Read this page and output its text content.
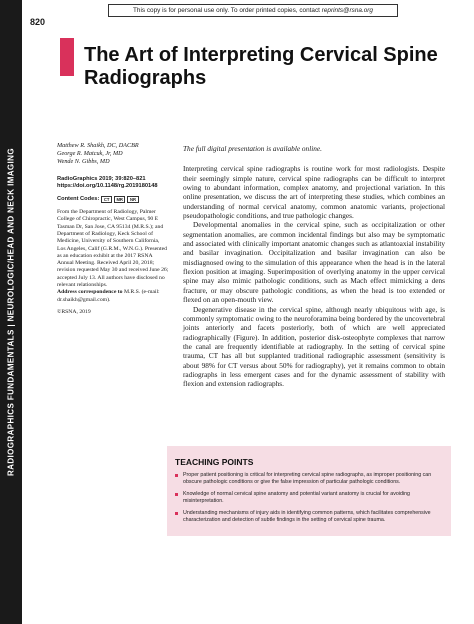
RADIOGRAPHICS FUNDAMENTALS | NEUROLOGIC/HEAD AND NECK IMAGING
820
This copy is for personal use only. To order printed copies, contact reprints@rsna.org
The Art of Interpreting Cervical Spine Radiographs

Matthew R. Shaikh, DC, DACBR

George R. Matcuk, Jr, MD

Wende N. Gibbs, MD

RadioGraphics 2019; 39:820–821

https://doi.org/10.1148/rg.2019180148

Content Codes:	CT	MR	NR

From the Department of Radiology, Palmer College of Chiropractic, West Campus, 90 E Tasman Dr, San Jose, CA 95134 (M.R.S.); and Department of Radiology, Keck School of Medicine, University of Southern California, Los Angeles, Calif (G.R.M., W.N.G.). Presented as an education exhibit at the 2017 RSNA Annual Meeting. Received April 20, 2018; revision requested May 30 and received June 26; accepted July 13. All authors have disclosed no relevant relationships.

Address correspondence to M.R.S. (e-mail: dr.shaikh@gmail.com).

©RSNA, 2019

The full digital presentation is available online.

Interpreting cervical spine radiographs is routine work for most radiologists. Despite their seemingly simple nature, cervical spine radiographs can be difficult to interpret owing to abundant information, complex anatomy, and projectional variation. In this online presentation, we discuss the art of interpreting these studies, which combines an understanding of normal cervical anatomy, common anatomic variants, projectional pseudopathologic conditions, and true pathologic changes.

Developmental anomalies in the cervical spine, such as occipitalization or other segmentation anomalies, are common incidental findings but also may be symptomatic and associated with clinically important anatomic changes such as atlantoaxial instability and basilar invagination. Occipitalization and basilar invagination can also be misdiagnosed owing to the simulation of this appearance when the head is in the lateral flexion position at imaging. Superimposition of overlying anatomy in the upper cervical spine may also mimic pathologic conditions, such as Mach effect mimicking a dens fracture, or may obscure pathologic conditions, as when the head is too extended or flexed on an open-mouth view.

Degenerative disease in the cervical spine, although nearly ubiquitous with age, is commonly symptomatic owing to the neuroforamina being bordered by the uncovertebral joints anteriorly and facets posteriorly, both of which are well appreciated radiographically (Figure). In addition, posterior disk-osteophyte complexes that narrow the canal are frequently identifiable at radiography. In the setting of cervical spine trauma, CT has all but supplanted traditional radiographic assessment (sensitivity is about 98% for CT versus about 50% for radiography), yet it remains common to obtain radiographs in less emergent cases and for the dynamic assessment of stability with flexion and extension radiographs.

TEACHING POINTS
Proper patient positioning is critical for interpreting cervical spine radiographs, as improper positioning can obscure pathologic conditions or give the false impression of particular pathologic conditions.
Knowledge of normal cervical spine anatomy and potential variant anatomy is crucial for avoiding misinterpretation.
Understanding mechanisms of injury aids in identifying common patterns, which facilitates comprehensive characterization and detection of subtle findings in the setting of cervical spine trauma.
